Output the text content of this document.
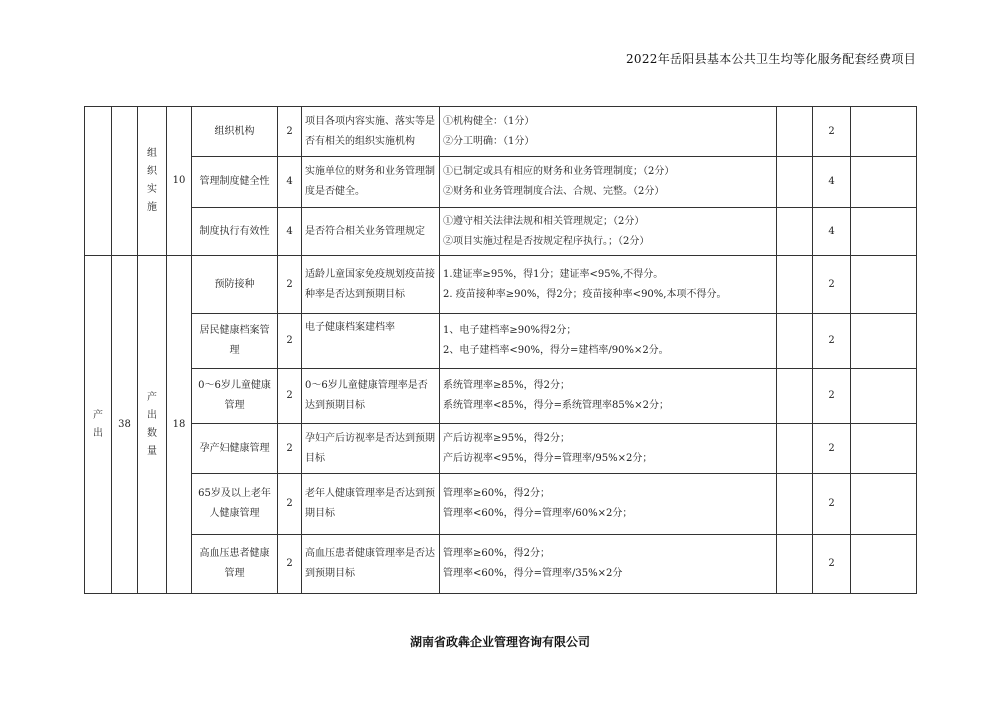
2022年岳阳县基本公共卫生均等化服务配套经费项目

		组织实施	10	组织机构	2	项目各项内容实施、落实等是否有相关的组织实施机构	①机构健全：（1分）
②分工明确：（1分）		2	
				管理制度健全性	4	实施单位的财务和业务管理制度是否健全。	①已制定或具有相应的财务和业务管理制度；（2分）
②财务和业务管理制度合法、合规、完整。（2分）		4	
				制度执行有效性	4	是否符合相关业务管理规定	①遵守相关法律法规和相关管理规定；（2分）
②项目实施过程是否按规定程序执行。；（2分）		4	

产出	38	产出数量	18	预防接种	2	适龄儿童国家免疫规划疫苗接种率是否达到预期目标	1.建证率≥95%，得1分；建证率<95%,不得分。
2. 疫苗接种率≥90%，得2分；疫苗接种率<90%,本项不得分。		2	
				居民健康档案管理	2	电子健康档案建档率	1、电子建档率≥90%得2分；
2、电子建档率<90%，得分=建档率/90%×2分。		2	
				0～6岁儿童健康管理	2	0～6岁儿童健康管理率是否达到预期目标	系统管理率≥85%，得2分；
系统管理率<85%，得分=系统管理率85%×2分；		2	
				孕产妇健康管理	2	孕妇产后访视率是否达到预期目标	产后访视率≥95%，得2分；
产后访视率<95%，得分=管理率/95%×2分；		2	
				65岁及以上老年人健康管理	2	老年人健康管理率是否达到预期目标	管理率≥60%，得2分；
管理率<60%，得分=管理率/60%×2分；		2	
				高血压患者健康管理	2	高血压患者健康管理率是否达到预期目标	管理率≥60%，得2分；
管理率<60%，得分=管理率/35%×2分		2	
湖南省政犇企业管理咨询有限公司
